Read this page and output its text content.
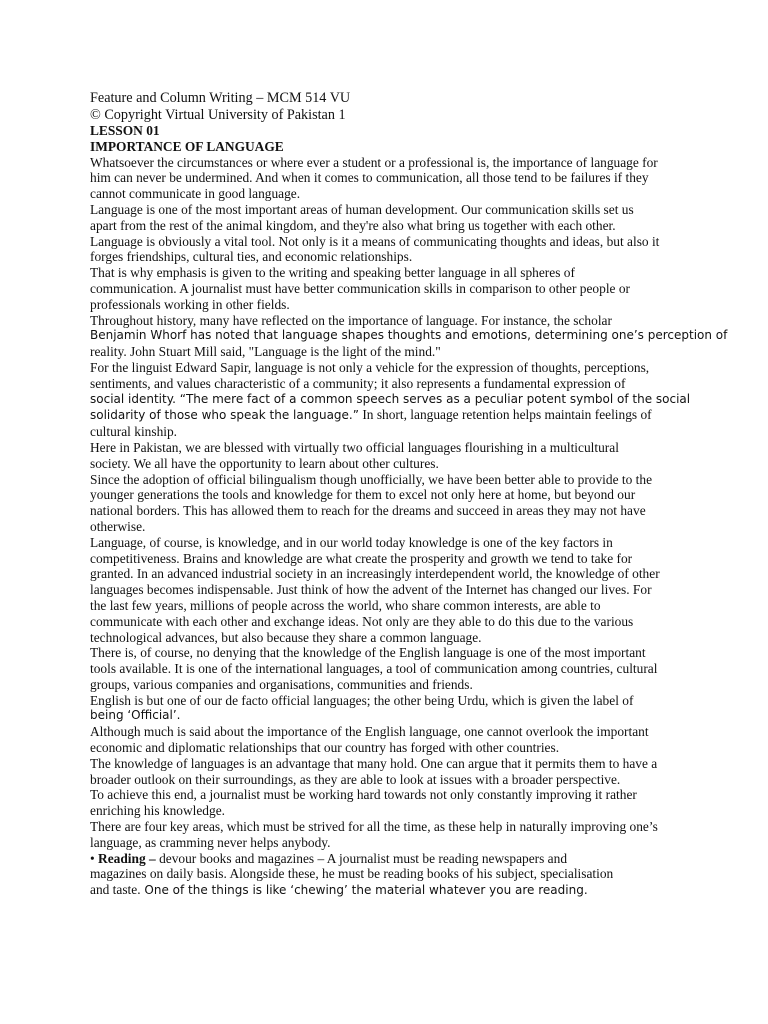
Feature and Column Writing – MCM 514 VU
© Copyright Virtual University of Pakistan 1
LESSON 01
IMPORTANCE OF LANGUAGE
Whatsoever the circumstances or where ever a student or a professional is, the importance of language for
him can never be undermined. And when it comes to communication, all those tend to be failures if they
cannot communicate in good language.
Language is one of the most important areas of human development. Our communication skills set us
apart from the rest of the animal kingdom, and they're also what bring us together with each other.
Language is obviously a vital tool. Not only is it a means of communicating thoughts and ideas, but also it
forges friendships, cultural ties, and economic relationships.
That is why emphasis is given to the writing and speaking better language in all spheres of
communication. A journalist must have better communication skills in comparison to other people or
professionals working in other fields.
Throughout history, many have reflected on the importance of language. For instance, the scholar
Benjamin Whorf has noted that language shapes thoughts and emotions, determining one’s perception of
reality. John Stuart Mill said, "Language is the light of the mind."
For the linguist Edward Sapir, language is not only a vehicle for the expression of thoughts, perceptions,
sentiments, and values characteristic of a community; it also represents a fundamental expression of
social identity. “The mere fact of a common speech serves as a peculiar potent symbol of the social
solidarity of those who speak the language.” In short, language retention helps maintain feelings of
cultural kinship.
Here in Pakistan, we are blessed with virtually two official languages flourishing in a multicultural
society. We all have the opportunity to learn about other cultures.
Since the adoption of official bilingualism though unofficially, we have been better able to provide to the
younger generations the tools and knowledge for them to excel not only here at home, but beyond our
national borders. This has allowed them to reach for the dreams and succeed in areas they may not have
otherwise.
Language, of course, is knowledge, and in our world today knowledge is one of the key factors in
competitiveness. Brains and knowledge are what create the prosperity and growth we tend to take for
granted. In an advanced industrial society in an increasingly interdependent world, the knowledge of other
languages becomes indispensable. Just think of how the advent of the Internet has changed our lives. For
the last few years, millions of people across the world, who share common interests, are able to
communicate with each other and exchange ideas. Not only are they able to do this due to the various
technological advances, but also because they share a common language.
There is, of course, no denying that the knowledge of the English language is one of the most important
tools available. It is one of the international languages, a tool of communication among countries, cultural
groups, various companies and organisations, communities and friends.
English is but one of our de facto official languages; the other being Urdu, which is given the label of
being ‘Official’.
Although much is said about the importance of the English language, one cannot overlook the important
economic and diplomatic relationships that our country has forged with other countries.
The knowledge of languages is an advantage that many hold. One can argue that it permits them to have a
broader outlook on their surroundings, as they are able to look at issues with a broader perspective.
To achieve this end, a journalist must be working hard towards not only constantly improving it rather
enriching his knowledge.
There are four key areas, which must be strived for all the time, as these help in naturally improving one’s
language, as cramming never helps anybody.
• Reading – devour books and magazines – A journalist must be reading newspapers and
magazines on daily basis. Alongside these, he must be reading books of his subject, specialisation
and taste. One of the things is like ‘chewing’ the material whatever you are reading.
